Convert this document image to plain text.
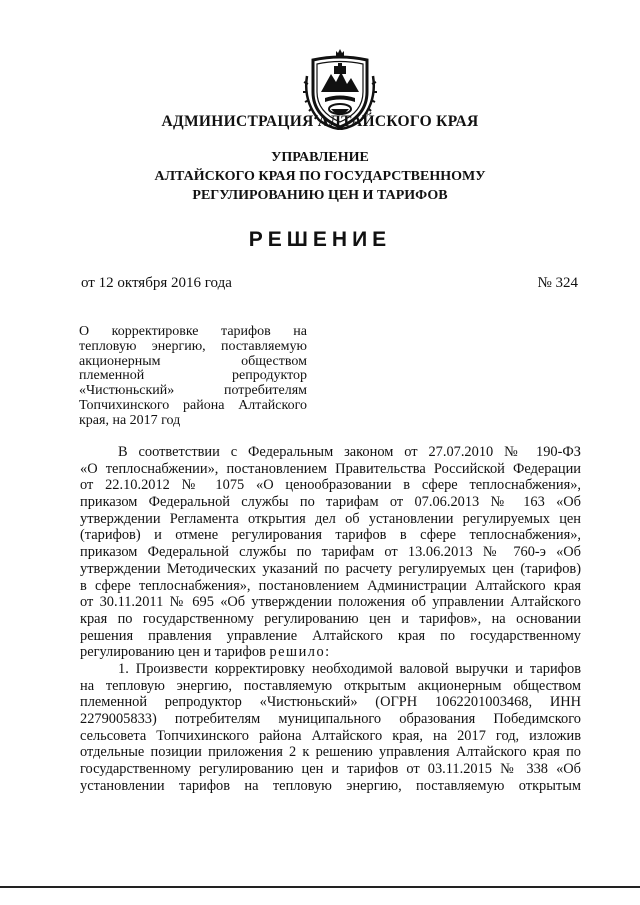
АДМИНИСТРАЦИЯ АЛТАЙСКОГО КРАЯ
УПРАВЛЕНИЕ
АЛТАЙСКОГО КРАЯ ПО ГОСУДАРСТВЕННОМУ
РЕГУЛИРОВАНИЮ ЦЕН И ТАРИФОВ
РЕШЕНИЕ
от 12 октября 2016 года	№ 324
О корректировке тарифов на
тепловую энергию, поставляемую
акционерным обществом
племенной репродуктор
«Чистюньский» потребителям
Топчихинского района Алтайского
края, на 2017 год
В соответствии с Федеральным законом от 27.07.2010 № 190-ФЗ
«О теплоснабжении», постановлением Правительства Российской Федерации
от 22.10.2012 № 1075 «О ценообразовании в сфере теплоснабжения»,
приказом Федеральной службы по тарифам от 07.06.2013 № 163 «Об
утверждении Регламента открытия дел об установлении регулируемых цен
(тарифов) и отмене регулирования тарифов в сфере теплоснабжения»,
приказом Федеральной службы по тарифам от 13.06.2013 № 760-э «Об
утверждении Методических указаний по расчету регулируемых цен (тарифов)
в сфере теплоснабжения», постановлением Администрации Алтайского края
от 30.11.2011 № 695 «Об утверждении положения об управлении Алтайского
края по государственному регулированию цен и тарифов», на основании
решения правления управление Алтайского края по государственному
регулированию цен и тарифов решило:
1. Произвести корректировку необходимой валовой выручки и тарифов
на тепловую энергию, поставляемую открытым акционерным обществом
племенной репродуктор «Чистюньский» (ОГРН 1062201003468, ИНН
2279005833) потребителям муниципального образования Победимского
сельсовета Топчихинского района Алтайского края, на 2017 год, изложив
отдельные позиции приложения 2 к решению управления Алтайского края по
государственному регулированию цен и тарифов от 03.11.2015 № 338 «Об
установлении тарифов на тепловую энергию, поставляемую открытым
